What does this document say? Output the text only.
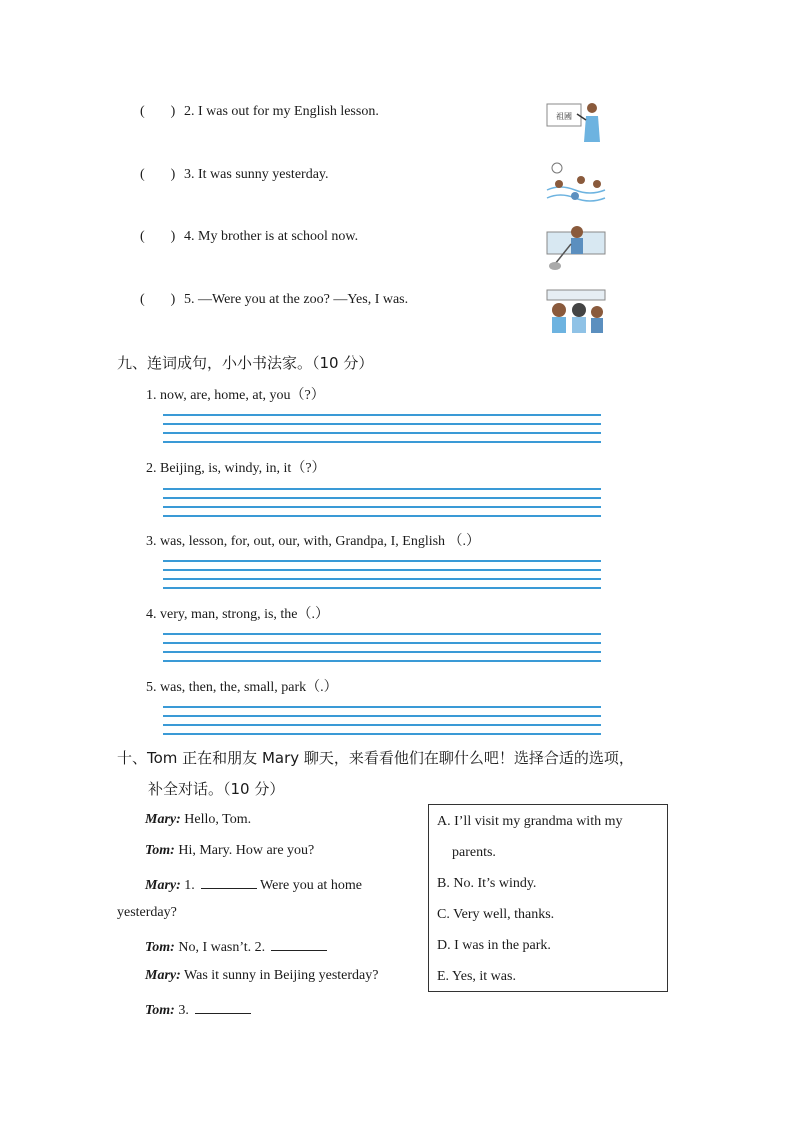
( ) 2. I was out for my English lesson.	祖國
( ) 3. It was sunny yesterday.
( ) 4. My brother is at school now.
( ) 5. —Were you at the zoo? —Yes, I was.
九、连词成句，小小书法家。（10 分）
1. now, are, home, at, you（?）
2. Beijing, is, windy, in, it（?）
3. was, lesson, for, out, our, with, Grandpa, I, English （.）
4. very, man, strong, is, the（.）
5. was, then, the, small, park（.）
十、Tom 正在和朋友 Mary 聊天，来看看他们在聊什么吧！选择合适的选项，
补全对话。（10 分）
Mary: Hello, Tom.
Tom: Hi, Mary. How are you?
Mary: 1.	Were you at home
yesterday?
Tom: No, I wasn’t. 2.
Mary: Was it sunny in Beijing yesterday?
Tom: 3.
A. I’ll visit my grandma with my
parents.
B. No. It’s windy.
C. Very well, thanks.
D. I was in the park.
E. Yes, it was.
